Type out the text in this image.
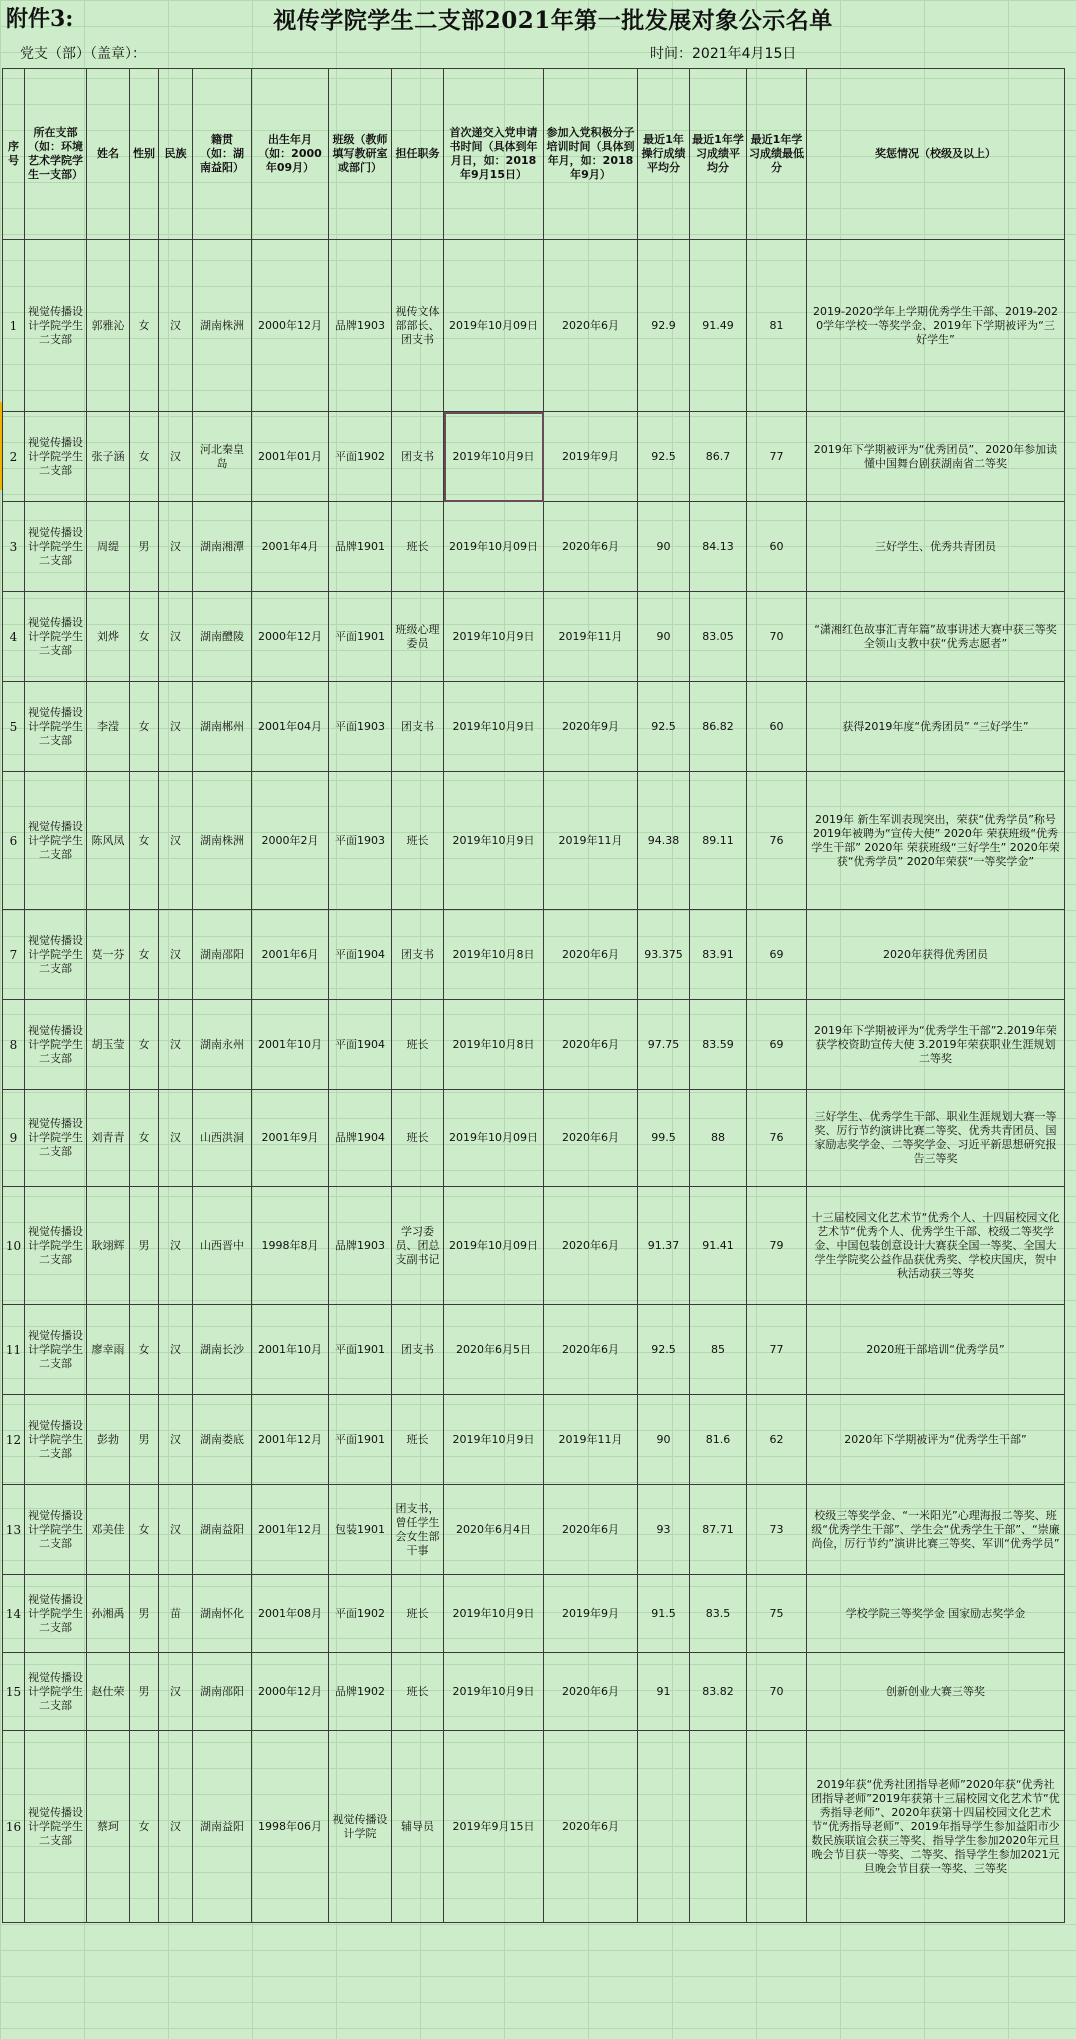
附件3:	视传学院学生二支部2021年第一批发展对象公示名单
党支（部）（盖章）：	时间：2021年4月15日
序号	所在支部（如：环境艺术学院学生一支部）	姓名	性别	民族	籍贯（如：湖南益阳）	出生年月（如：2000年09月）	班级（教师填写教研室或部门）	担任职务	首次递交入党申请书时间（具体到年月日，如：2018年9月15日）	参加入党积极分子培训时间（具体到年月，如：2018年9月）	最近1年操行成绩平均分	最近1年学习成绩平均分	最近1年学习成绩最低分	奖惩情况（校级及以上）
1	视觉传播设计学院学生二支部	郭雅沁	女	汉	湖南株洲	2000年12月	品牌1903	视传文体部部长、团支书	2019年10月09日	2020年6月	92.9	91.49	81	2019-2020学年上学期优秀学生干部、2019-2020学年学校一等奖学金、2019年下学期被评为“三好学生”
2	视觉传播设计学院学生二支部	张子涵	女	汉	河北秦皇岛	2001年01月	平面1902	团支书	2019年10月9日	2019年9月	92.5	86.7	77	2019年下学期被评为“优秀团员”、2020年参加读懂中国舞台剧获湖南省二等奖
3	视觉传播设计学院学生二支部	周缇	男	汉	湖南湘潭	2001年4月	品牌1901	班长	2019年10月09日	2020年6月	90	84.13	60	三好学生、优秀共青团员
4	视觉传播设计学院学生二支部	刘烨	女	汉	湖南醴陵	2000年12月	平面1901	班级心理委员	2019年10月9日	2019年11月	90	83.05	70	“潇湘红色故事汇青年篇”故事讲述大赛中获三等奖 全领山支教中获“优秀志愿者”
5	视觉传播设计学院学生二支部	李滢	女	汉	湖南郴州	2001年04月	平面1903	团支书	2019年10月9日	2020年9月	92.5	86.82	60	获得2019年度“优秀团员” “三好学生”
6	视觉传播设计学院学生二支部	陈风凤	女	汉	湖南株洲	2000年2月	平面1903	班长	2019年10月9日	2019年11月	94.38	89.11	76	2019年 新生军训表现突出，荣获“优秀学员”称号 2019年被聘为“宣传大使” 2020年 荣获班级“优秀学生干部” 2020年 荣获班级“三好学生” 2020年荣获“优秀学员” 2020年荣获“一等奖学金”
7	视觉传播设计学院学生二支部	莫一芬	女	汉	湖南邵阳	2001年6月	平面1904	团支书	2019年10月8日	2020年6月	93.375	83.91	69	2020年获得优秀团员
8	视觉传播设计学院学生二支部	胡玉莹	女	汉	湖南永州	2001年10月	平面1904	班长	2019年10月8日	2020年6月	97.75	83.59	69	2019年下学期被评为“优秀学生干部”2.2019年荣获学校资助宣传大使 3.2019年荣获职业生涯规划二等奖
9	视觉传播设计学院学生二支部	刘青青	女	汉	山西洪洞	2001年9月	品牌1904	班长	2019年10月09日	2020年6月	99.5	88	76	三好学生、优秀学生干部、职业生涯规划大赛一等奖、厉行节约演讲比赛二等奖、优秀共青团员、国家励志奖学金、二等奖学金、习近平新思想研究报告三等奖
10	视觉传播设计学院学生二支部	耿翊辉	男	汉	山西晋中	1998年8月	品牌1903	学习委员、团总支副书记	2019年10月09日	2020年6月	91.37	91.41	79	十三届校园文化艺术节“优秀个人、十四届校园文化艺术节“优秀个人、优秀学生干部、校级二等奖学金、中国包装创意设计大赛获全国一等奖、全国大学生学院奖公益作品获优秀奖、学校庆国庆，贺中秋活动获三等奖
11	视觉传播设计学院学生二支部	廖幸雨	女	汉	湖南长沙	2001年10月	平面1901	团支书	2020年6月5日	2020年6月	92.5	85	77	2020班干部培训“优秀学员”
12	视觉传播设计学院学生二支部	彭勃	男	汉	湖南娄底	2001年12月	平面1901	班长	2019年10月9日	2019年11月	90	81.6	62	2020年下学期被评为“优秀学生干部”
13	视觉传播设计学院学生二支部	邓美佳	女	汉	湖南益阳	2001年12月	包装1901	团支书，曾任学生会女生部干事	2020年6月4日	2020年6月	93	87.71	73	校级三等奖学金、“一米阳光”心理海报二等奖、班级“优秀学生干部”、学生会“优秀学生干部”、“崇廉尚俭，厉行节约”演讲比赛三等奖、军训“优秀学员”
14	视觉传播设计学院学生二支部	孙湘禹	男	苗	湖南怀化	2001年08月	平面1902	班长	2019年10月9日	2019年9月	91.5	83.5	75	学校学院三等奖学金 国家励志奖学金
15	视觉传播设计学院学生二支部	赵仕荣	男	汉	湖南邵阳	2000年12月	品牌1902	班长	2019年10月9日	2020年6月	91	83.82	70	创新创业大赛三等奖
16	视觉传播设计学院学生二支部	蔡珂	女	汉	湖南益阳	1998年06月	视觉传播设计学院	辅导员	2019年9月15日	2020年6月				2019年获“优秀社团指导老师”2020年获“优秀社团指导老师”2019年获第十三届校园文化艺术节“优秀指导老师”、2020年获第十四届校园文化艺术节“优秀指导老师”、2019年指导学生参加益阳市少数民族联谊会获三等奖、指导学生参加2020年元旦晚会节目获一等奖、二等奖、指导学生参加2021元旦晚会节目获一等奖、三等奖
